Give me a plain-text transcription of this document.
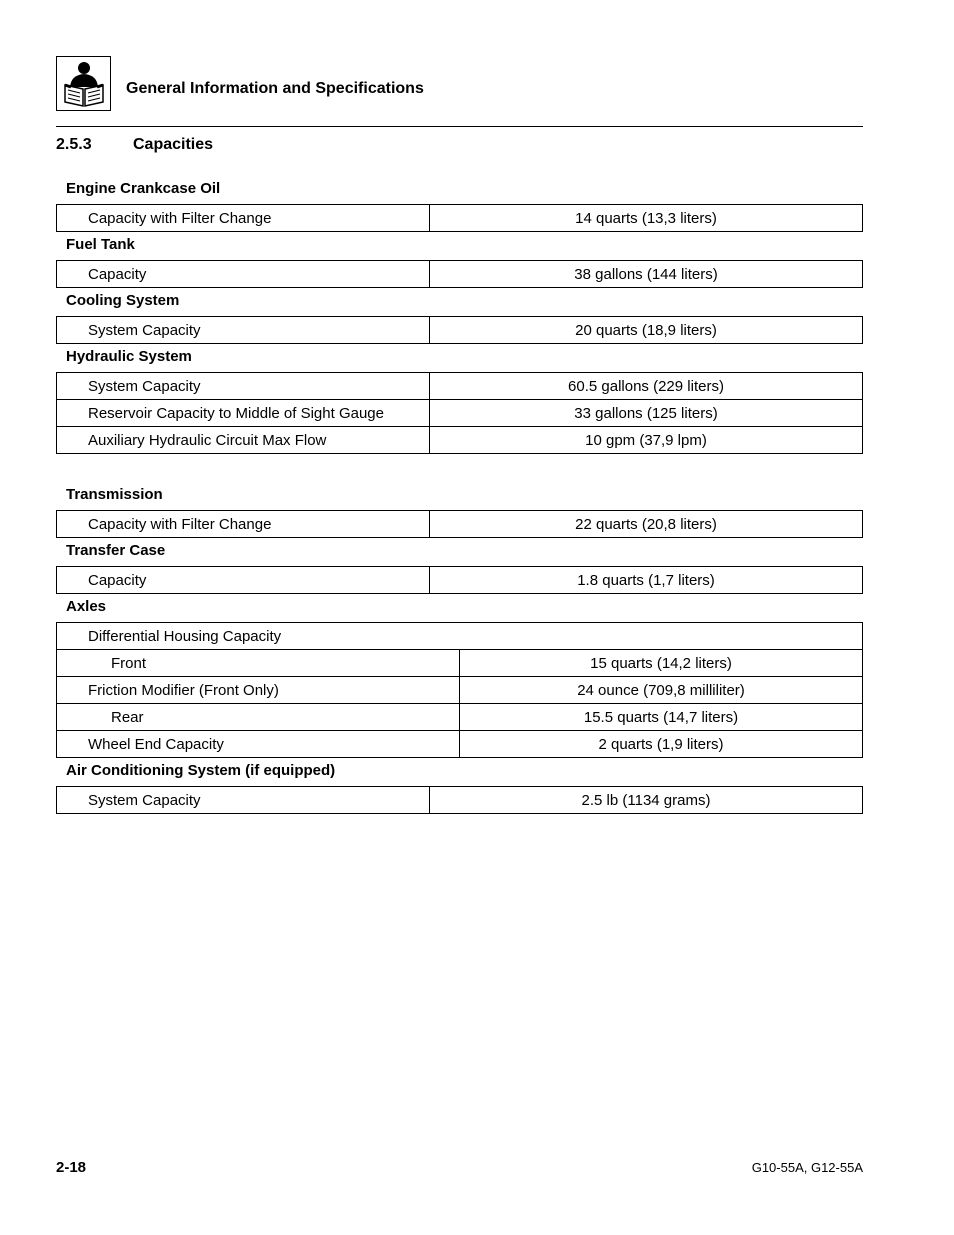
General Information and Specifications
2.5.3	Capacities
Engine Crankcase Oil
Capacity with Filter Change	14 quarts (13,3 liters)
Fuel Tank
Capacity	38 gallons (144 liters)
Cooling System
System Capacity	20 quarts (18,9 liters)
Hydraulic System
System Capacity	60.5 gallons (229 liters)
Reservoir Capacity to Middle of Sight Gauge	33 gallons (125 liters)
Auxiliary Hydraulic Circuit Max Flow	10 gpm (37,9 lpm)
Transmission
Capacity with Filter Change	22 quarts (20,8 liters)
Transfer Case
Capacity	1.8 quarts (1,7 liters)
Axles
Differential Housing Capacity	
Front	15 quarts (14,2 liters)
Friction Modifier (Front Only)	24 ounce (709,8 milliliter)
Rear	15.5 quarts (14,7 liters)
Wheel End Capacity	2 quarts (1,9 liters)
Air Conditioning System (if equipped)
System Capacity	2.5 lb (1134 grams)
2-18	G10-55A, G12-55A
